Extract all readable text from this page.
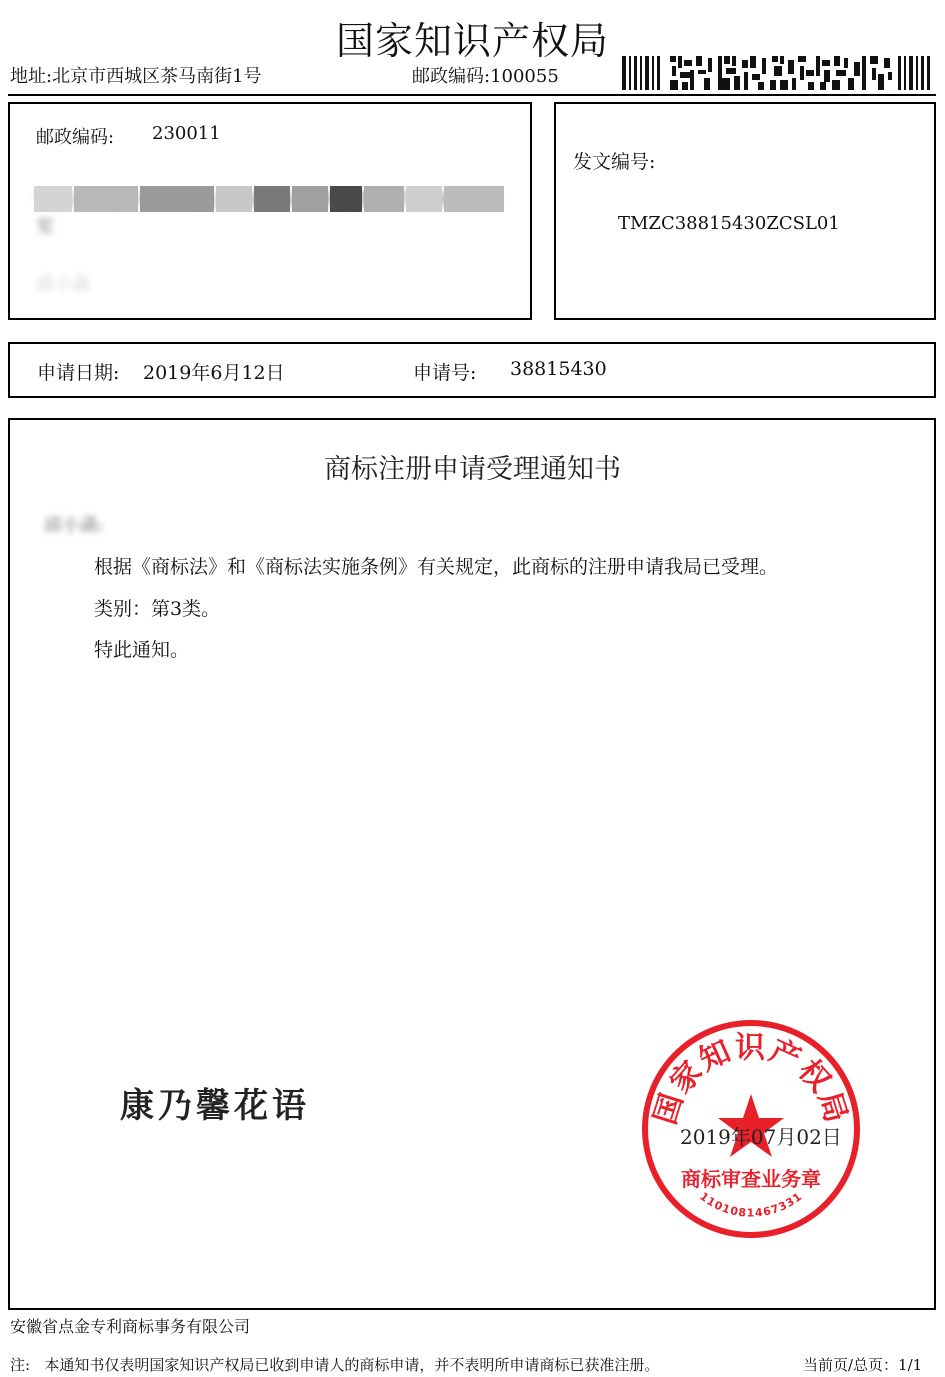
国家知识产权局
地址:北京市西城区茶马南街1号	邮政编码:100055
邮政编码: 230011
室
邱小菡
发文编号:
TMZC38815430ZCSL01
申请日期: 2019年6月12日	申请号: 38815430
商标注册申请受理通知书
邱小菡:
根据《商标法》和《商标法实施条例》有关规定，此商标的注册申请我局已受理。
类别：第3类。
特此通知。
康乃馨花语	国家知识产权局
商标审查业务章
1101081467331
2019年07月02日
安徽省点金专利商标事务有限公司
注:   本通知书仅表明国家知识产权局已收到申请人的商标申请，并不表明所申请商标已获准注册。	当前页/总页：1/1
